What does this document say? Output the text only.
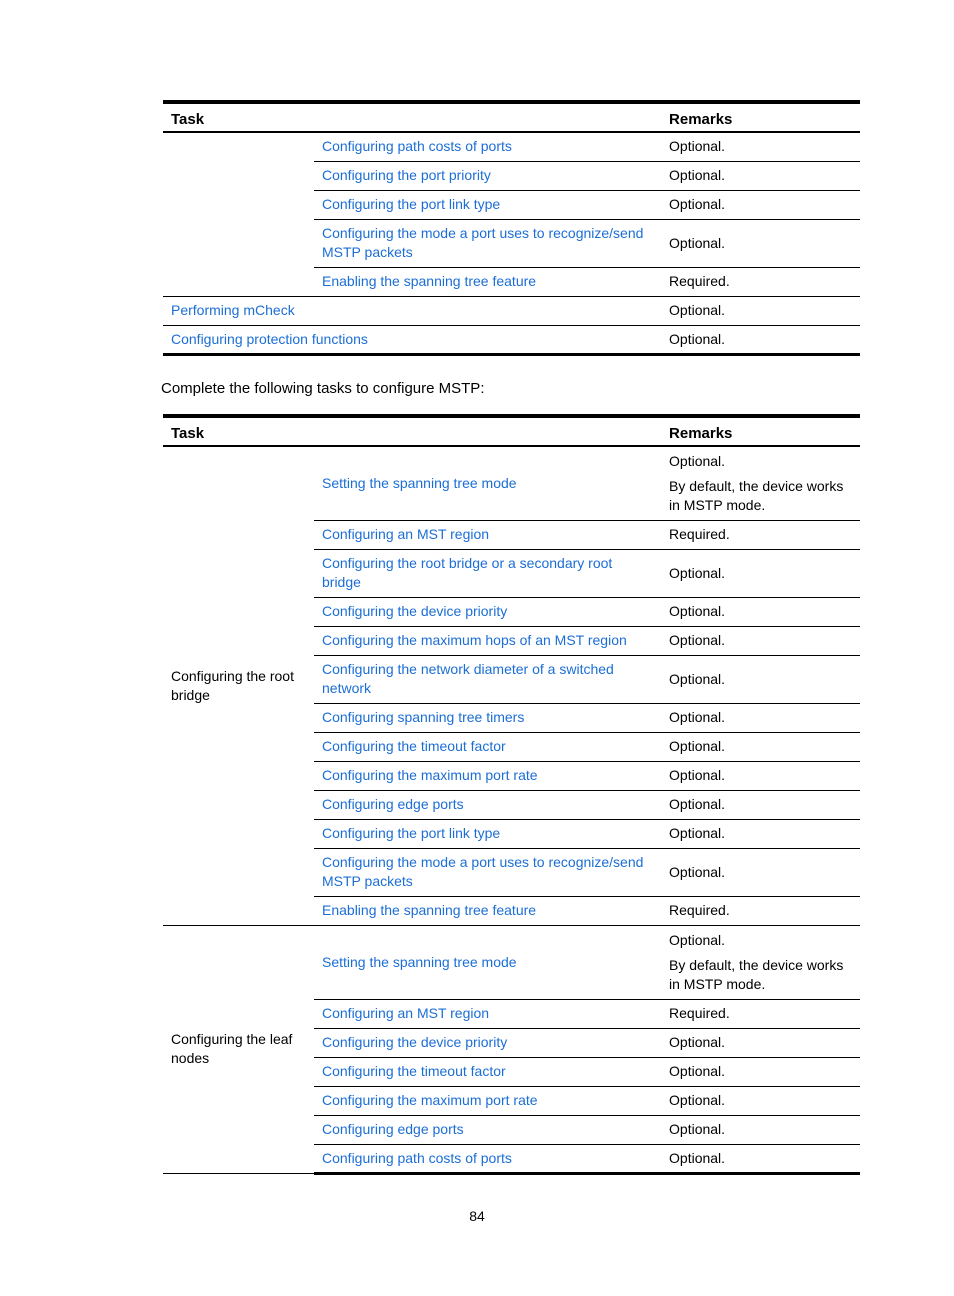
Task		Remarks
	Configuring path costs of ports	Optional.

	Configuring the port priority	Optional.

	Configuring the port link type	Optional.

	Configuring the mode a port uses to recognize/send MSTP packets	Optional.

	Enabling the spanning tree feature	Required.

Performing mCheck		Optional.
Configuring protection functions		Optional.
Complete the following tasks to configure MSTP:
Task		Remarks
Configuring the root bridge	Setting the spanning tree mode	Optional.

By default, the device works in MSTP mode.

	Configuring an MST region	Required.

	Configuring the root bridge or a secondary root bridge	Optional.

	Configuring the device priority	Optional.

	Configuring the maximum hops of an MST region	Optional.

	Configuring the network diameter of a switched network	Optional.

	Configuring spanning tree timers	Optional.

	Configuring the timeout factor	Optional.

	Configuring the maximum port rate	Optional.

	Configuring edge ports	Optional.

	Configuring the port link type	Optional.

	Configuring the mode a port uses to recognize/send MSTP packets	Optional.

	Enabling the spanning tree feature	Required.

Configuring the leaf nodes	Setting the spanning tree mode	Optional.

By default, the device works in MSTP mode.

	Configuring an MST region	Required.

	Configuring the device priority	Optional.

	Configuring the timeout factor	Optional.

	Configuring the maximum port rate	Optional.

	Configuring edge ports	Optional.

	Configuring path costs of ports	Optional.

84
